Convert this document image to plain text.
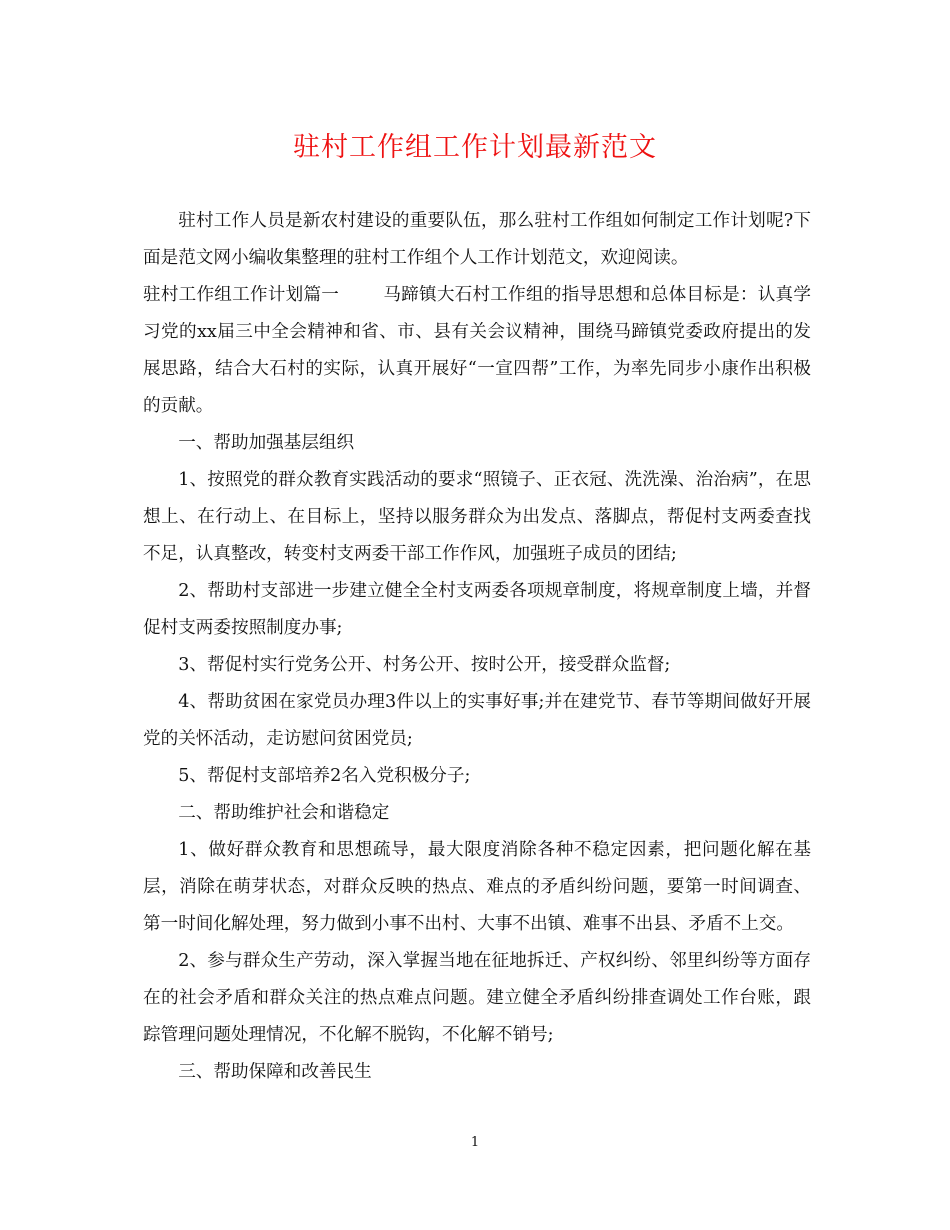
驻村工作组工作计划最新范文

驻村工作人员是新农村建设的重要队伍，那么驻村工作组如何制定工作计划呢?下面是范文网小编收集整理的驻村工作组个人工作计划范文，欢迎阅读。

驻村工作组工作计划篇一	马蹄镇大石村工作组的指导思想和总体目标是：认真学习党的xx届三中全会精神和省、市、县有关会议精神，围绕马蹄镇党委政府提出的发展思路，结合大石村的实际，认真开展好“一宣四帮”工作，为率先同步小康作出积极的贡献。

一、帮助加强基层组织

1、按照党的群众教育实践活动的要求“照镜子、正衣冠、洗洗澡、治治病”，在思想上、在行动上、在目标上，坚持以服务群众为出发点、落脚点，帮促村支两委查找不足，认真整改，转变村支两委干部工作作风，加强班子成员的团结;

2、帮助村支部进一步建立健全全村支两委各项规章制度，将规章制度上墙，并督促村支两委按照制度办事;

3、帮促村实行党务公开、村务公开、按时公开，接受群众监督;

4、帮助贫困在家党员办理3件以上的实事好事;并在建党节、春节等期间做好开展党的关怀活动，走访慰问贫困党员;

5、帮促村支部培养2名入党积极分子;

二、帮助维护社会和谐稳定

1、做好群众教育和思想疏导，最大限度消除各种不稳定因素，把问题化解在基层，消除在萌芽状态，对群众反映的热点、难点的矛盾纠纷问题，要第一时间调查、第一时间化解处理，努力做到小事不出村、大事不出镇、难事不出县、矛盾不上交。

2、参与群众生产劳动，深入掌握当地在征地拆迁、产权纠纷、邻里纠纷等方面存在的社会矛盾和群众关注的热点难点问题。建立健全矛盾纠纷排查调处工作台账，跟踪管理问题处理情况，不化解不脱钩，不化解不销号;

三、帮助保障和改善民生

1
